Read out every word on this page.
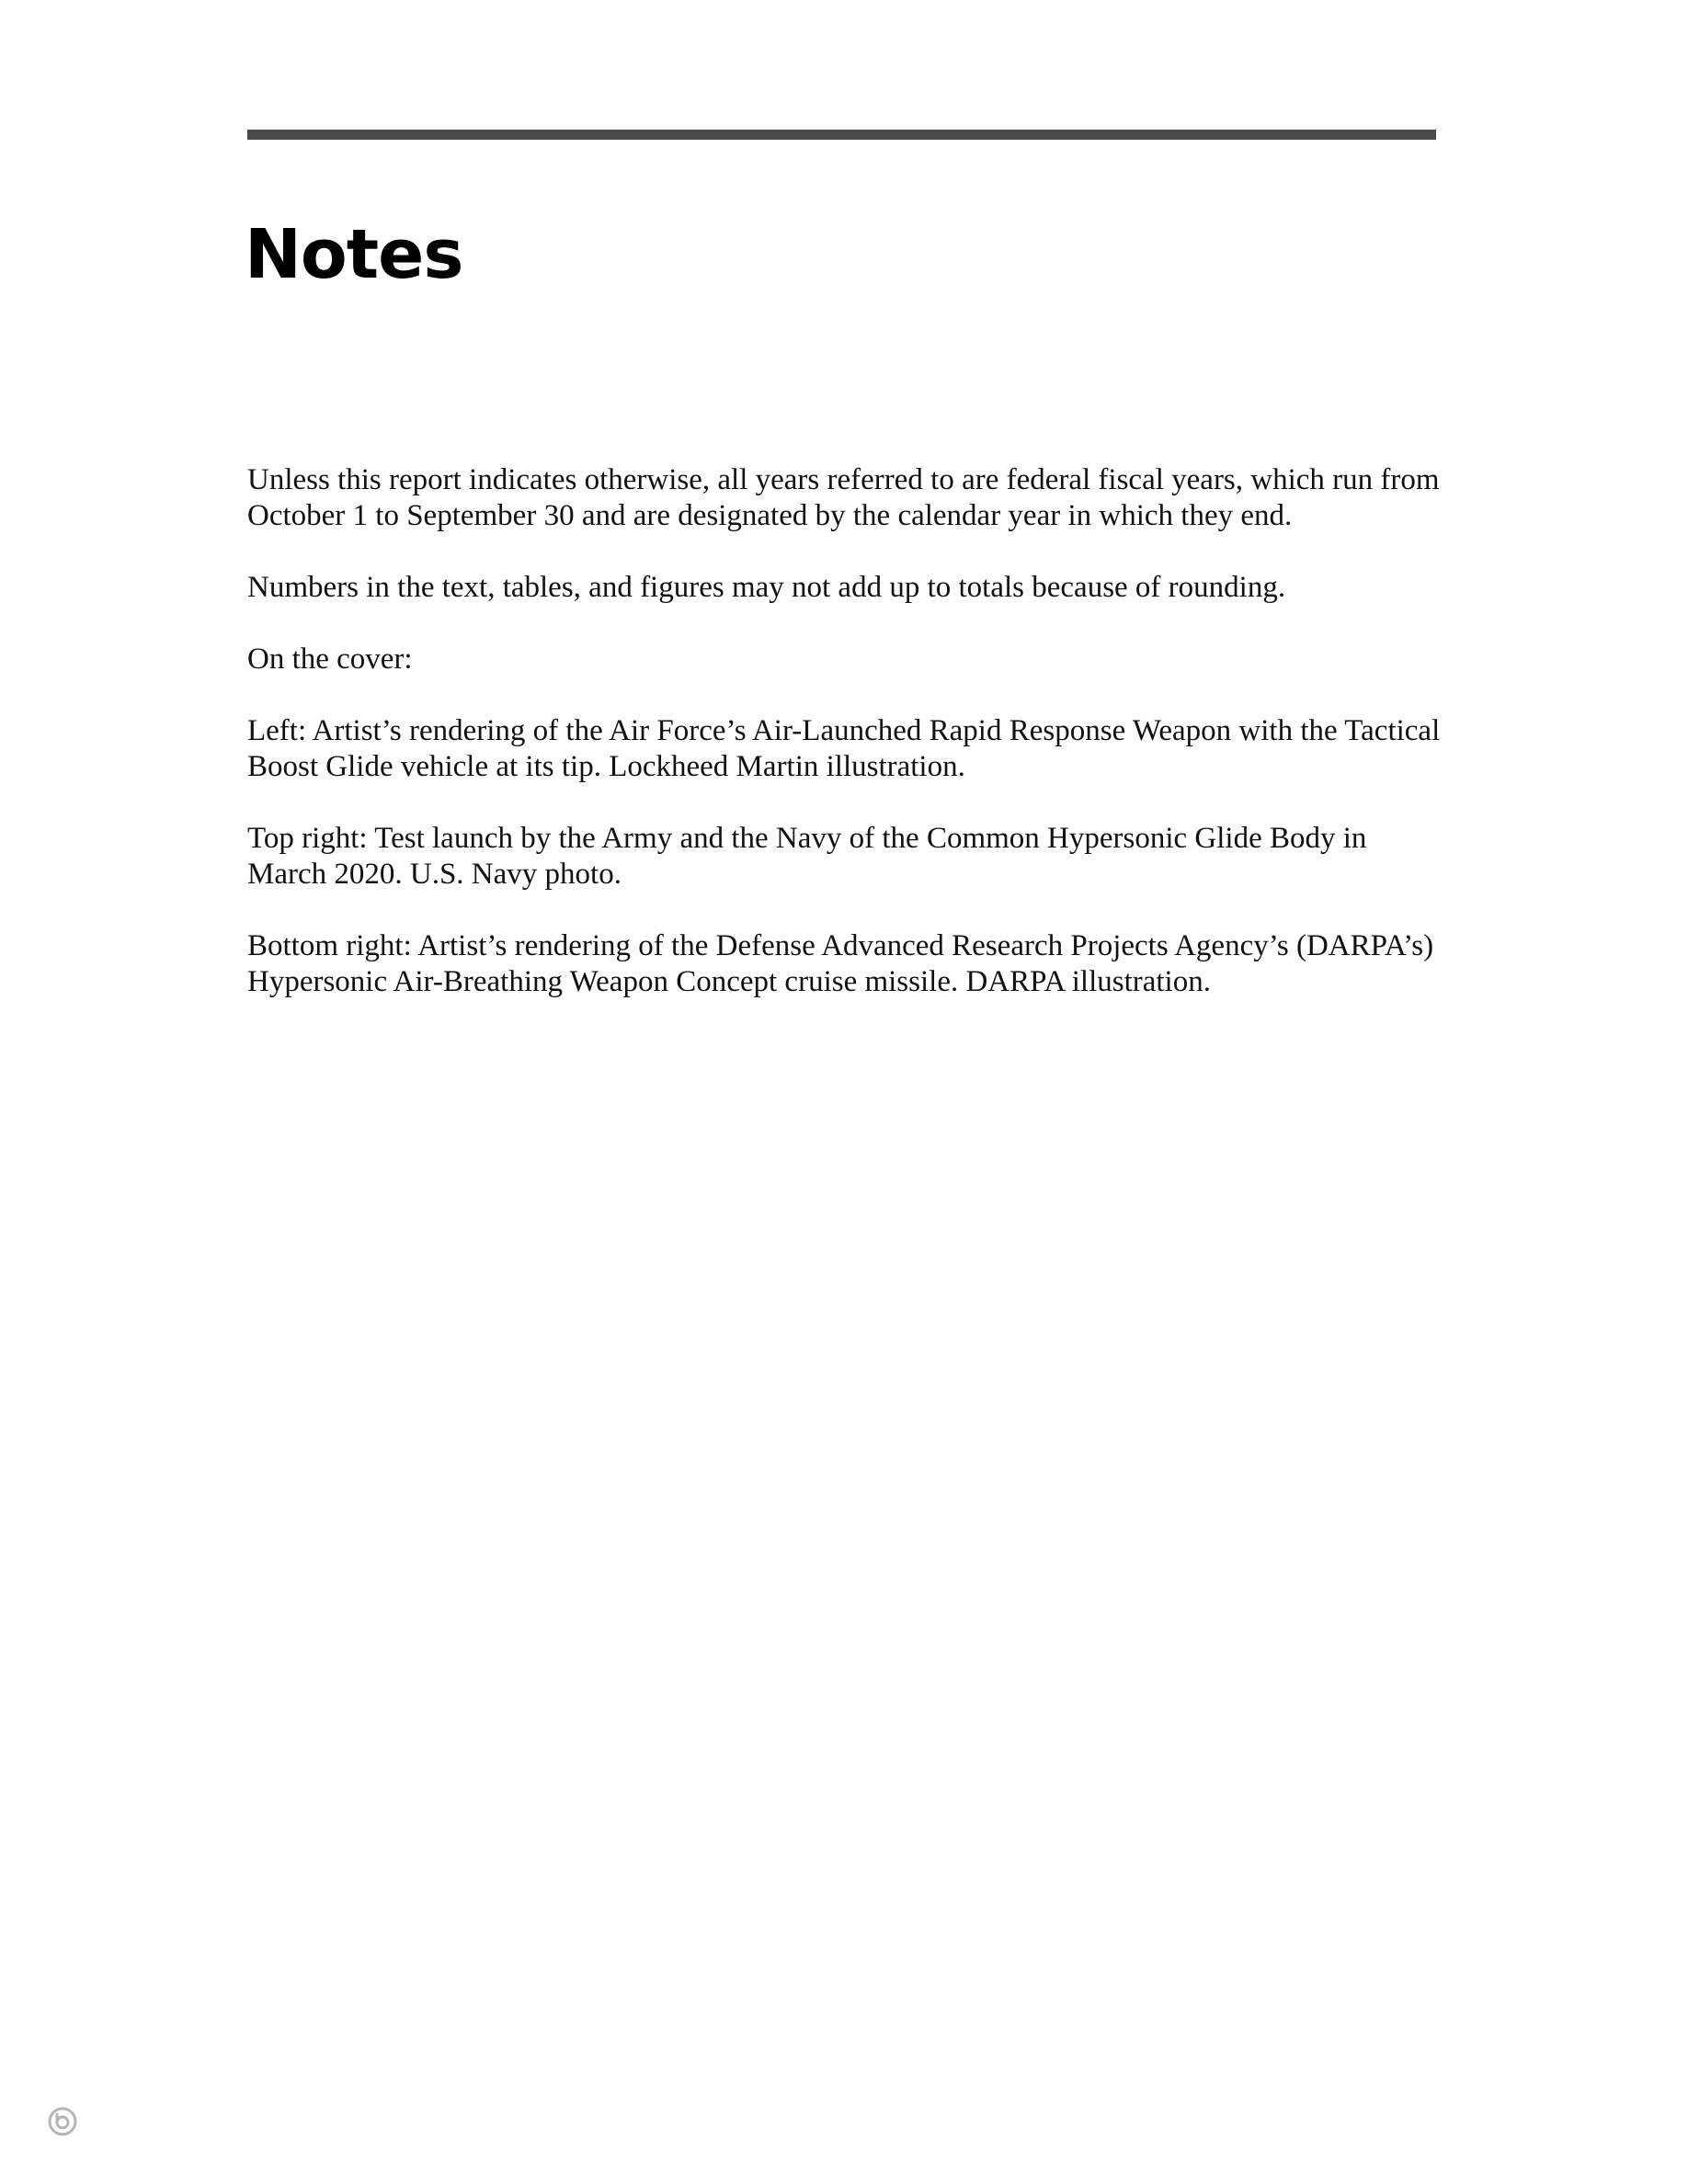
Notes

Unless this report indicates otherwise, all years referred to are federal fiscal years, which run from
October 1 to September 30 and are designated by the calendar year in which they end.

Numbers in the text, tables, and figures may not add up to totals because of rounding.

On the cover:

Left: Artist’s rendering of the Air Force’s Air-Launched Rapid Response Weapon with the Tactical
Boost Glide vehicle at its tip. Lockheed Martin illustration.

Top right: Test launch by the Army and the Navy of the Common Hypersonic Glide Body in
March 2020. U.S. Navy photo.

Bottom right: Artist’s rendering of the Defense Advanced Research Projects Agency’s (DARPA’s)
Hypersonic Air-Breathing Weapon Concept cruise missile. DARPA illustration.
